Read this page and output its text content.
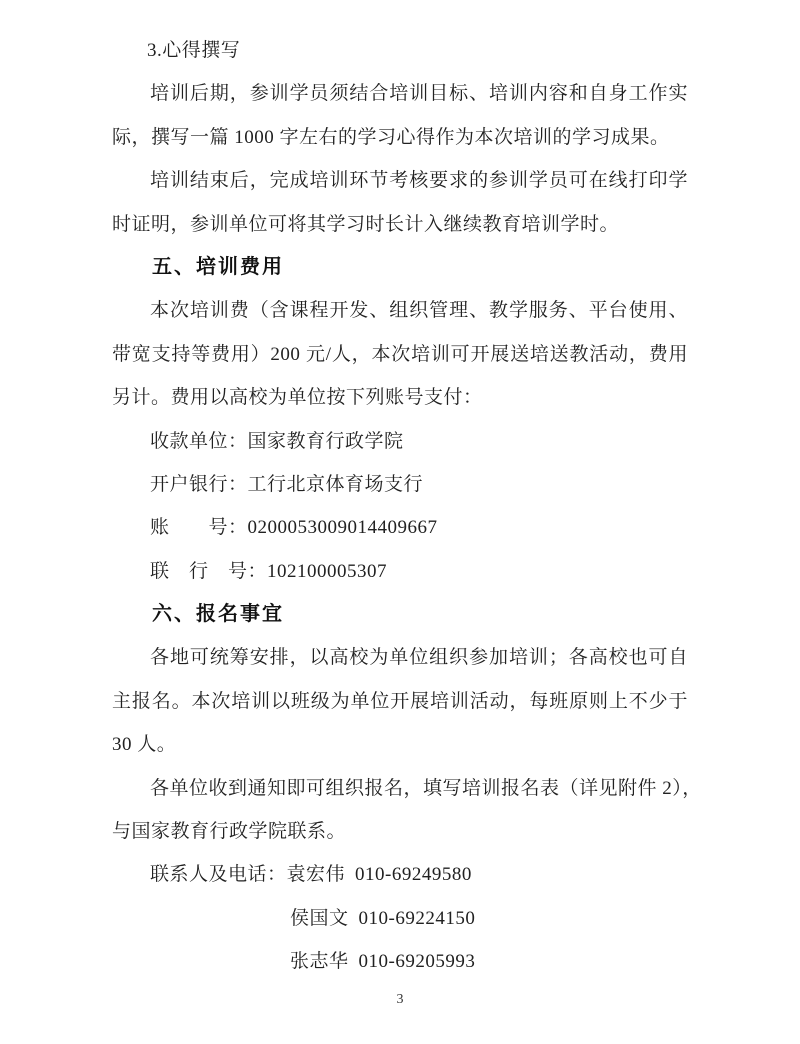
3.心得撰写
培训后期，参训学员须结合培训目标、培训内容和自身工作实
际，撰写一篇 1000 字左右的学习心得作为本次培训的学习成果。
培训结束后，完成培训环节考核要求的参训学员可在线打印学
时证明，参训单位可将其学习时长计入继续教育培训学时。
五、培训费用
本次培训费（含课程开发、组织管理、教学服务、平台使用、
带宽支持等费用）200 元/人，本次培训可开展送培送教活动，费用
另计。费用以高校为单位按下列账号支付：
收款单位：国家教育行政学院
开户银行：工行北京体育场支行
账　　号：0200053009014409667
联　行　号：102100005307
六、报名事宜
各地可统筹安排，以高校为单位组织参加培训；各高校也可自
主报名。本次培训以班级为单位开展培训活动，每班原则上不少于
30 人。
各单位收到通知即可组织报名，填写培训报名表（详见附件 2），
与国家教育行政学院联系。
联系人及电话：袁宏伟 010-69249580
侯国文 010-69224150
张志华 010-69205993
3
